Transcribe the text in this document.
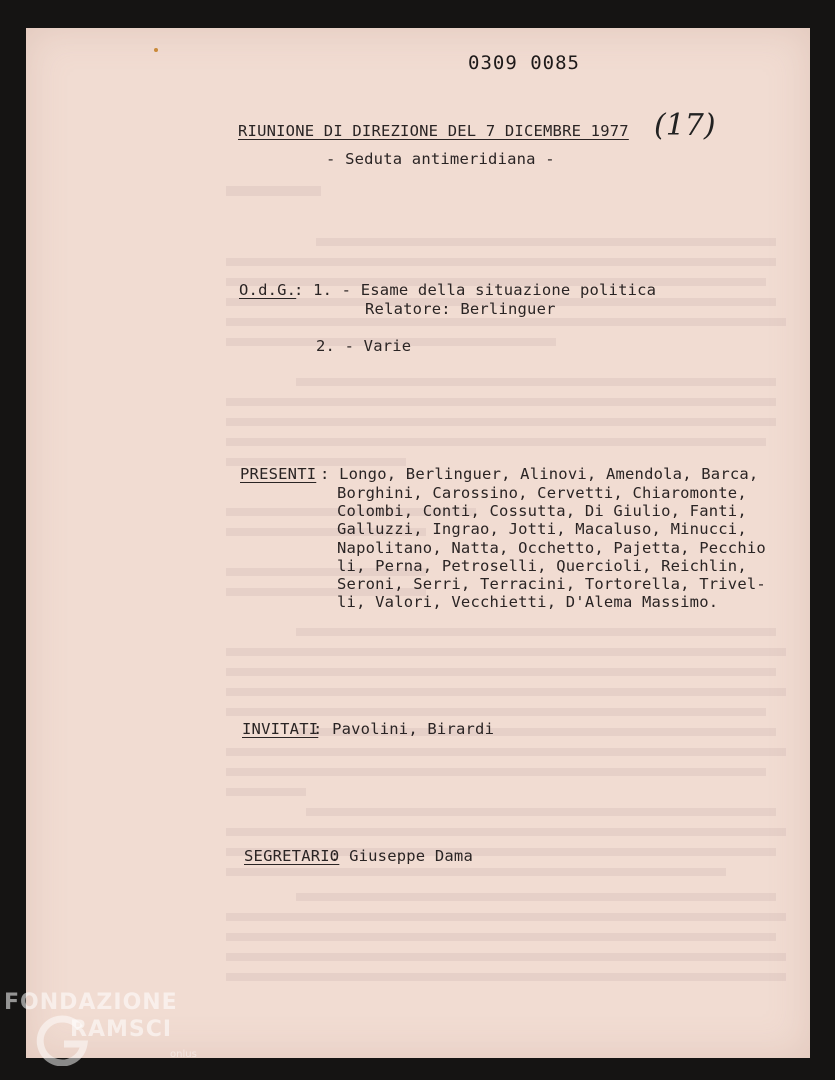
0309 0085
RIUNIONE DI DIREZIONE DEL 7 DICEMBRE 1977 (17)
- Seduta antimeridiana -
O.d.G.
: 1. - Esame della situazione politica
Relatore: Berlinguer
2. - Varie
PRESENTI : Longo, Berlinguer, Alinovi, Amendola, Barca,
Borghini, Carossino, Cervetti, Chiaromonte,
Colombi, Conti, Cossutta, Di Giulio, Fanti,
Galluzzi, Ingrao, Jotti, Macaluso, Minucci,
Napolitano, Natta, Occhetto, Pajetta, Pecchio
li, Perna, Petroselli, Quercioli, Reichlin,
Seroni, Serri, Terracini, Tortorella, Trivel-
li, Valori, Vecchietti, D'Alema Massimo.
INVITATI
: Pavolini, Birardi
SEGRETARIO
: Giuseppe Dama
FONDAZIONE
RAMSCI
onlus
